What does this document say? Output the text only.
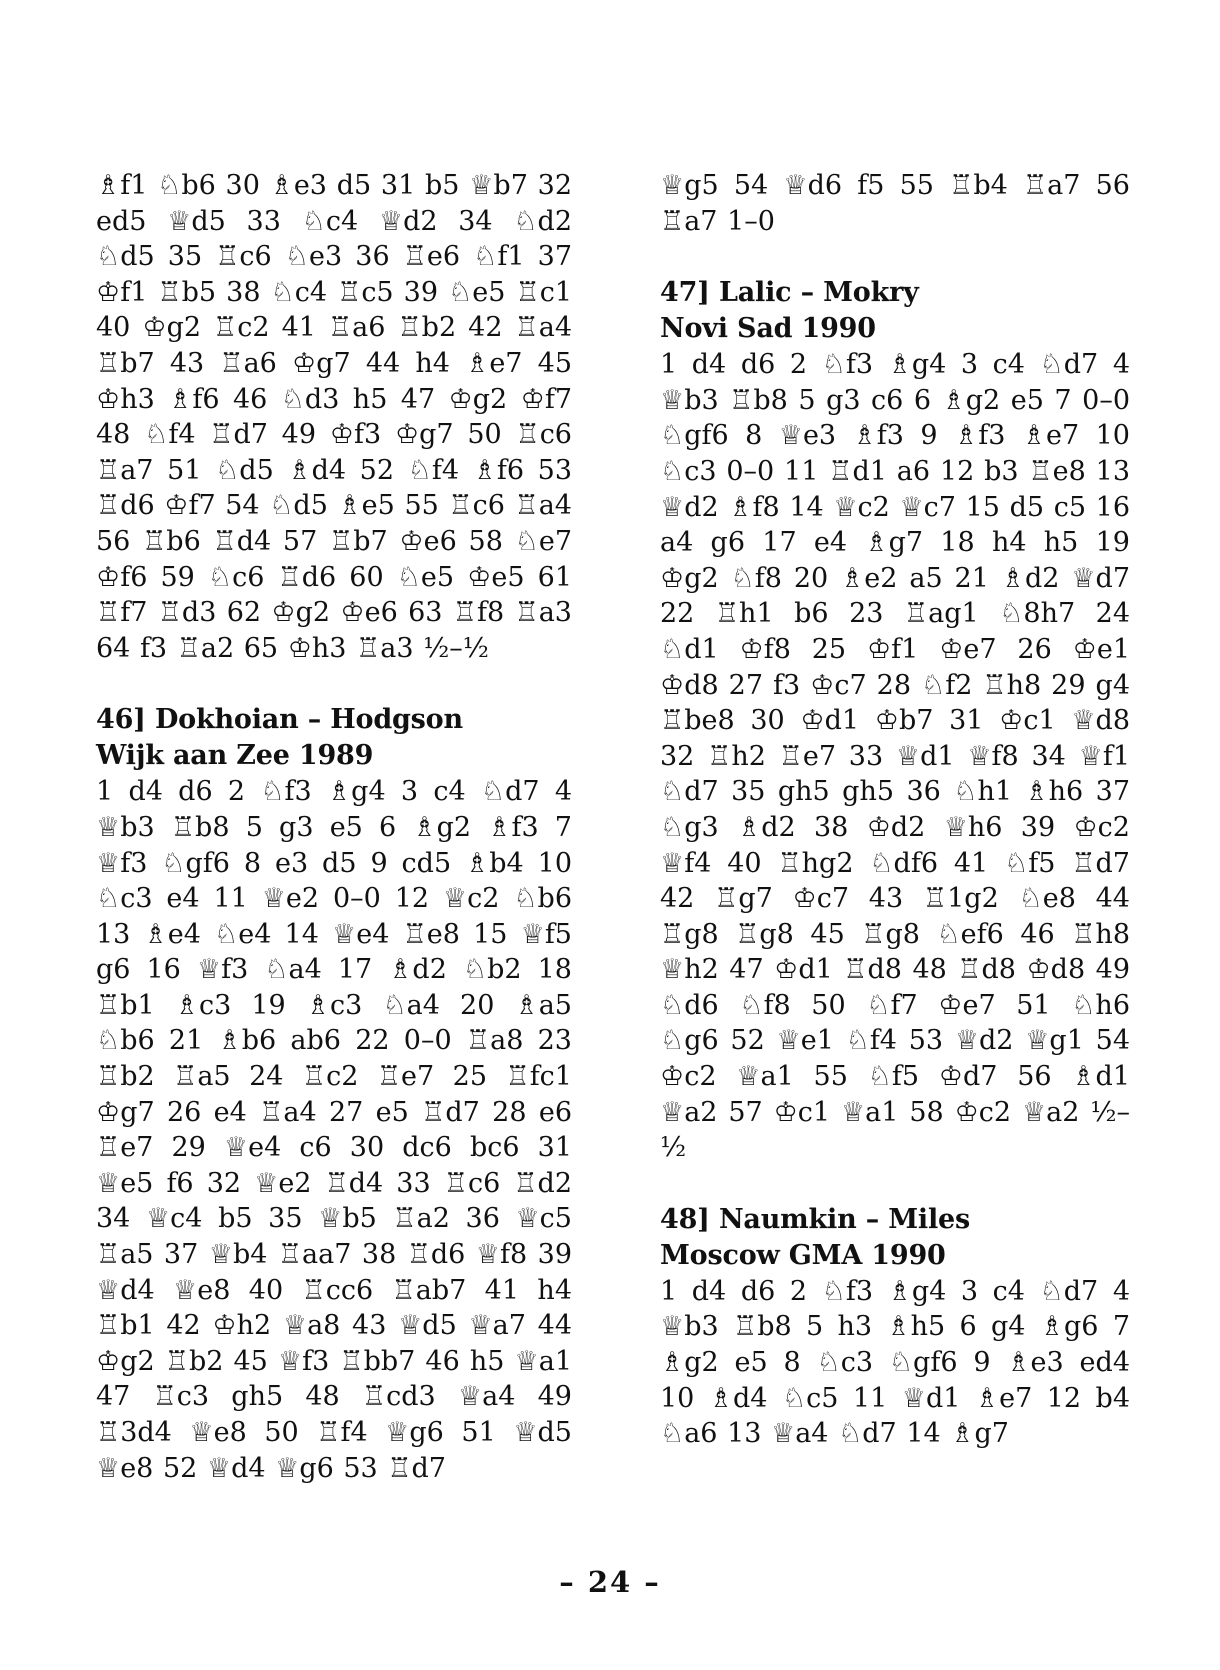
♗f1 ♘b6 30 ♗e3 d5 31 b5 ♕b7 32 ed5 ♕d5 33 ♘c4 ♕d2 34 ♘d2 ♘d5 35 ♖c6 ♘e3 36 ♖e6 ♘f1 37 ♔f1 ♖b5 38 ♘c4 ♖c5 39 ♘e5 ♖c1 40 ♔g2 ♖c2 41 ♖a6 ♖b2 42 ♖a4 ♖b7 43 ♖a6 ♔g7 44 h4 ♗e7 45 ♔h3 ♗f6 46 ♘d3 h5 47 ♔g2 ♔f7 48 ♘f4 ♖d7 49 ♔f3 ♔g7 50 ♖c6 ♖a7 51 ♘d5 ♗d4 52 ♘f4 ♗f6 53 ♖d6 ♔f7 54 ♘d5 ♗e5 55 ♖c6 ♖a4 56 ♖b6 ♖d4 57 ♖b7 ♔e6 58 ♘e7 ♔f6 59 ♘c6 ♖d6 60 ♘e5 ♔e5 61 ♖f7 ♖d3 62 ♔g2 ♔e6 63 ♖f8 ♖a3 64 f3 ♖a2 65 ♔h3 ♖a3 ½–½
46] Dokhoian – Hodgson
Wijk aan Zee 1989
1 d4 d6 2 ♘f3 ♗g4 3 c4 ♘d7 4 ♕b3 ♖b8 5 g3 e5 6 ♗g2 ♗f3 7 ♕f3 ♘gf6 8 e3 d5 9 cd5 ♗b4 10 ♘c3 e4 11 ♕e2 0–0 12 ♕c2 ♘b6 13 ♗e4 ♘e4 14 ♕e4 ♖e8 15 ♕f5 g6 16 ♕f3 ♘a4 17 ♗d2 ♘b2 18 ♖b1 ♗c3 19 ♗c3 ♘a4 20 ♗a5 ♘b6 21 ♗b6 ab6 22 0–0 ♖a8 23 ♖b2 ♖a5 24 ♖c2 ♖e7 25 ♖fc1 ♔g7 26 e4 ♖a4 27 e5 ♖d7 28 e6 ♖e7 29 ♕e4 c6 30 dc6 bc6 31 ♕e5 f6 32 ♕e2 ♖d4 33 ♖c6 ♖d2 34 ♕c4 b5 35 ♕b5 ♖a2 36 ♕c5 ♖a5 37 ♕b4 ♖aa7 38 ♖d6 ♕f8 39 ♕d4 ♕e8 40 ♖cc6 ♖ab7 41 h4 ♖b1 42 ♔h2 ♕a8 43 ♕d5 ♕a7 44 ♔g2 ♖b2 45 ♕f3 ♖bb7 46 h5 ♕a1 47 ♖c3 gh5 48 ♖cd3 ♕a4 49 ♖3d4 ♕e8 50 ♖f4 ♕g6 51 ♕d5 ♕e8 52 ♕d4 ♕g6 53 ♖d7
♕g5 54 ♕d6 f5 55 ♖b4 ♖a7 56 ♖a7 1–0
47] Lalic – Mokry
Novi Sad 1990
1 d4 d6 2 ♘f3 ♗g4 3 c4 ♘d7 4 ♕b3 ♖b8 5 g3 c6 6 ♗g2 e5 7 0–0 ♘gf6 8 ♕e3 ♗f3 9 ♗f3 ♗e7 10 ♘c3 0–0 11 ♖d1 a6 12 b3 ♖e8 13 ♕d2 ♗f8 14 ♕c2 ♕c7 15 d5 c5 16 a4 g6 17 e4 ♗g7 18 h4 h5 19 ♔g2 ♘f8 20 ♗e2 a5 21 ♗d2 ♕d7 22 ♖h1 b6 23 ♖ag1 ♘8h7 24 ♘d1 ♔f8 25 ♔f1 ♔e7 26 ♔e1 ♔d8 27 f3 ♔c7 28 ♘f2 ♖h8 29 g4 ♖be8 30 ♔d1 ♔b7 31 ♔c1 ♕d8 32 ♖h2 ♖e7 33 ♕d1 ♕f8 34 ♕f1 ♘d7 35 gh5 gh5 36 ♘h1 ♗h6 37 ♘g3 ♗d2 38 ♔d2 ♕h6 39 ♔c2 ♕f4 40 ♖hg2 ♘df6 41 ♘f5 ♖d7 42 ♖g7 ♔c7 43 ♖1g2 ♘e8 44 ♖g8 ♖g8 45 ♖g8 ♘ef6 46 ♖h8 ♕h2 47 ♔d1 ♖d8 48 ♖d8 ♔d8 49 ♘d6 ♘f8 50 ♘f7 ♔e7 51 ♘h6 ♘g6 52 ♕e1 ♘f4 53 ♕d2 ♕g1 54 ♔c2 ♕a1 55 ♘f5 ♔d7 56 ♗d1 ♕a2 57 ♔c1 ♕a1 58 ♔c2 ♕a2 ½–½
48] Naumkin – Miles
Moscow GMA 1990
1 d4 d6 2 ♘f3 ♗g4 3 c4 ♘d7 4 ♕b3 ♖b8 5 h3 ♗h5 6 g4 ♗g6 7 ♗g2 e5 8 ♘c3 ♘gf6 9 ♗e3 ed4 10 ♗d4 ♘c5 11 ♕d1 ♗e7 12 b4 ♘a6 13 ♕a4 ♘d7 14 ♗g7
– 24 –
